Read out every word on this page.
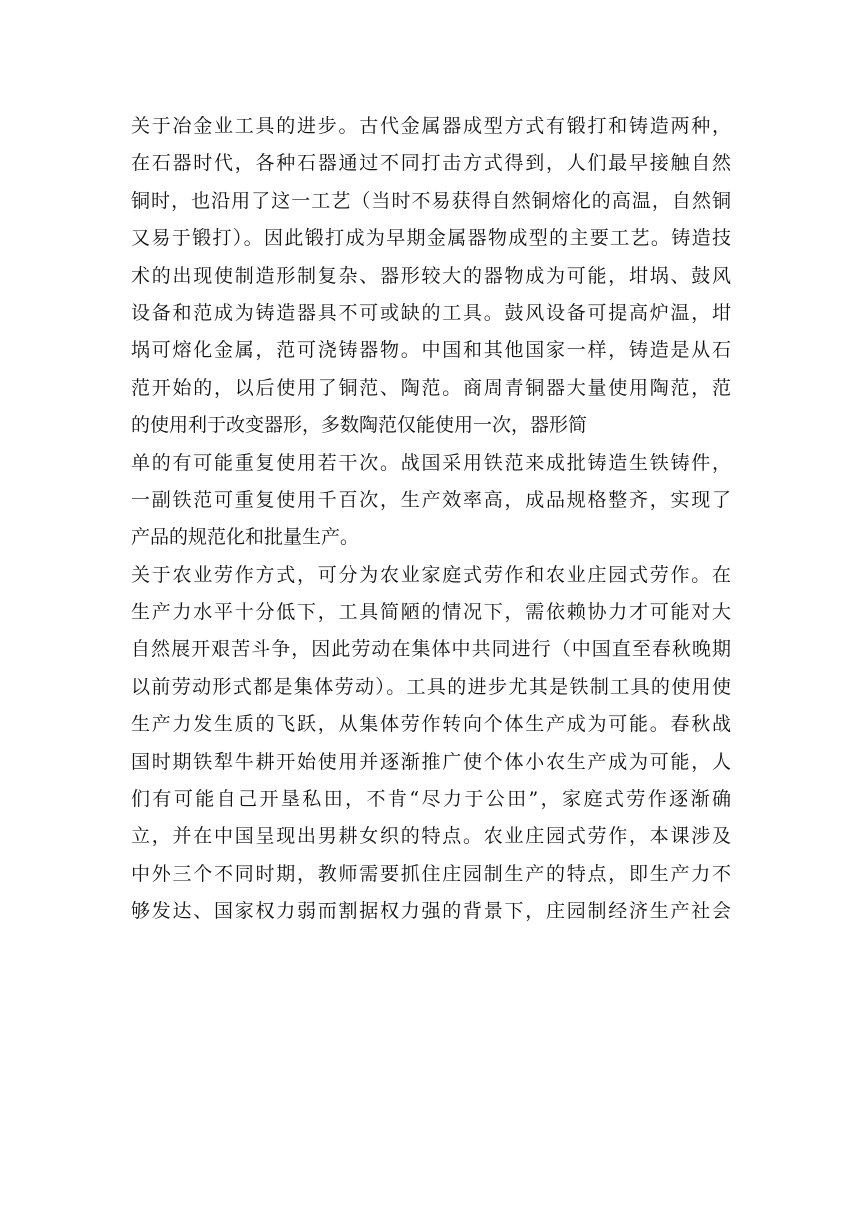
关于冶金业工具的进步。古代金属器成型方式有锻打和铸造两种，
在石器时代，各种石器通过不同打击方式得到，人们最早接触自然
铜时，也沿用了这一工艺（当时不易获得自然铜熔化的高温，自然铜
又易于锻打）。因此锻打成为早期金属器物成型的主要工艺。铸造技
术的出现使制造形制复杂、器形较大的器物成为可能，坩埚、鼓风
设备和范成为铸造器具不可或缺的工具。鼓风设备可提高炉温，坩
埚可熔化金属，范可浇铸器物。中国和其他国家一样，铸造是从石
范开始的，以后使用了铜范、陶范。商周青铜器大量使用陶范，范
的使用利于改变器形，多数陶范仅能使用一次，器形简
单的有可能重复使用若干次。战国采用铁范来成批铸造生铁铸件，
一副铁范可重复使用千百次，生产效率高，成品规格整齐，实现了
产品的规范化和批量生产。
关于农业劳作方式，可分为农业家庭式劳作和农业庄园式劳作。在
生产力水平十分低下，工具简陋的情况下，需依赖协力才可能对大
自然展开艰苦斗争，因此劳动在集体中共同进行（中国直至春秋晚期
以前劳动形式都是集体劳动）。工具的进步尤其是铁制工具的使用使
生产力发生质的飞跃，从集体劳作转向个体生产成为可能。春秋战
国时期铁犁牛耕开始使用并逐渐推广使个体小农生产成为可能，人
们有可能自己开垦私田，不肯“尽力于公田”，家庭式劳作逐渐确
立，并在中国呈现出男耕女织的特点。农业庄园式劳作，本课涉及
中外三个不同时期，教师需要抓住庄园制生产的特点，即生产力不
够发达、国家权力弱而割据权力强的背景下，庄园制经济生产社会
